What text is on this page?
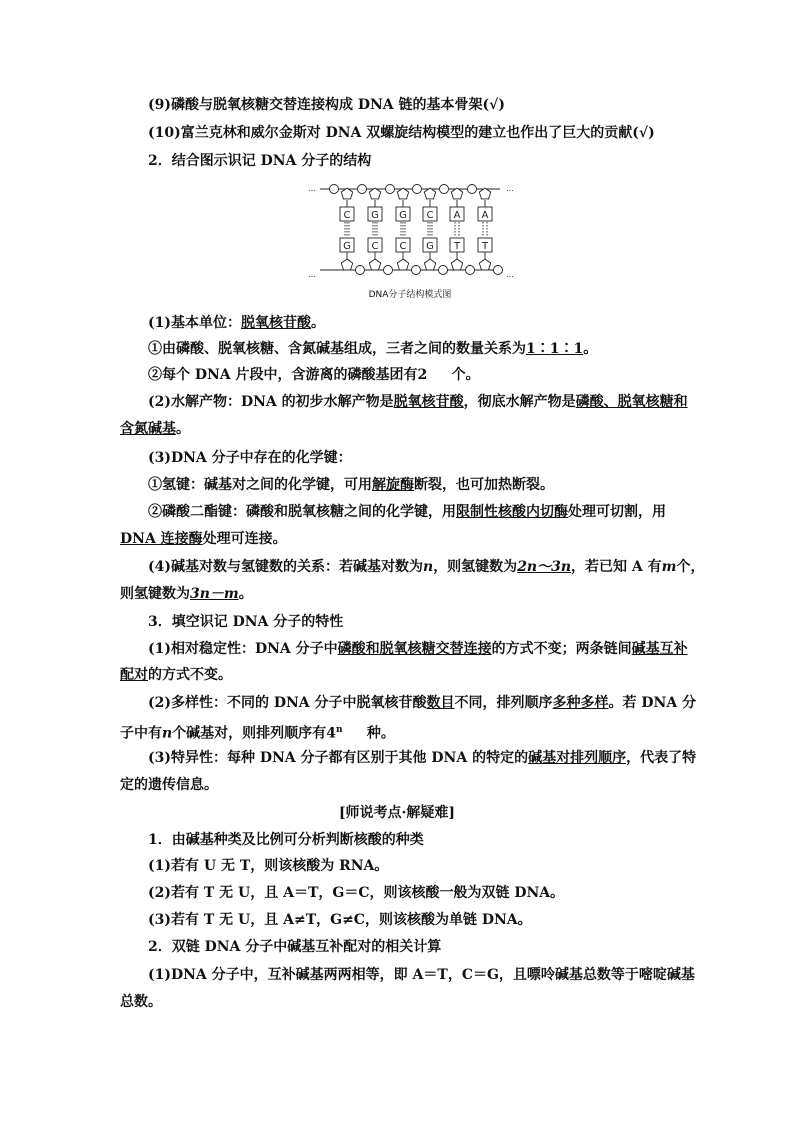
(9)磷酸与脱氧核糖交替连接构成 DNA 链的基本骨架(√)
(10)富兰克林和威尔金斯对 DNA 双螺旋结构模型的建立也作出了巨大的贡献(√)
2．结合图示识记 DNA 分子的结构
…	…
…	…
C
G
G
C
G
C
C
G
A
T
A
T
DNA分子结构模式图
(1)基本单位：脱氧核苷酸。
①由磷酸、脱氧核糖、含氮碱基组成，三者之间的数量关系为1∶1∶1。
②每个 DNA 片段中，含游离的磷酸基团有2 个。
(2)水解产物：DNA 的初步水解产物是脱氧核苷酸，彻底水解产物是磷酸、脱氧核糖和
含氮碱基。
(3)DNA 分子中存在的化学键：
①氢键：碱基对之间的化学键，可用解旋酶断裂，也可加热断裂。
②磷酸二酯键：磷酸和脱氧核糖之间的化学键，用限制性核酸内切酶处理可切割，用
DNA 连接酶处理可连接。
(4)碱基对数与氢键数的关系：若碱基对数为n，则氢键数为2n～3n，若已知 A 有m个，
则氢键数为3n－m。
3．填空识记 DNA 分子的特性
(1)相对稳定性：DNA 分子中磷酸和脱氧核糖交替连接的方式不变；两条链间碱基互补
配对的方式不变。
(2)多样性：不同的 DNA 分子中脱氧核苷酸数目不同，排列顺序多种多样。若 DNA 分
子中有n个碱基对，则排列顺序有4$^n$ 种。
(3)特异性：每种 DNA 分子都有区别于其他 DNA 的特定的碱基对排列顺序，代表了特
定的遗传信息。
[师说考点·解疑难]
1．由碱基种类及比例可分析判断核酸的种类
(1)若有 U 无 T，则该核酸为 RNA。
(2)若有 T 无 U，且 A＝T，G＝C，则该核酸一般为双链 DNA。
(3)若有 T 无 U，且 A≠T，G≠C，则该核酸为单链 DNA。
2．双链 DNA 分子中碱基互补配对的相关计算
(1)DNA 分子中，互补碱基两两相等，即 A＝T，C＝G，且嘌呤碱基总数等于嘧啶碱基
总数。
